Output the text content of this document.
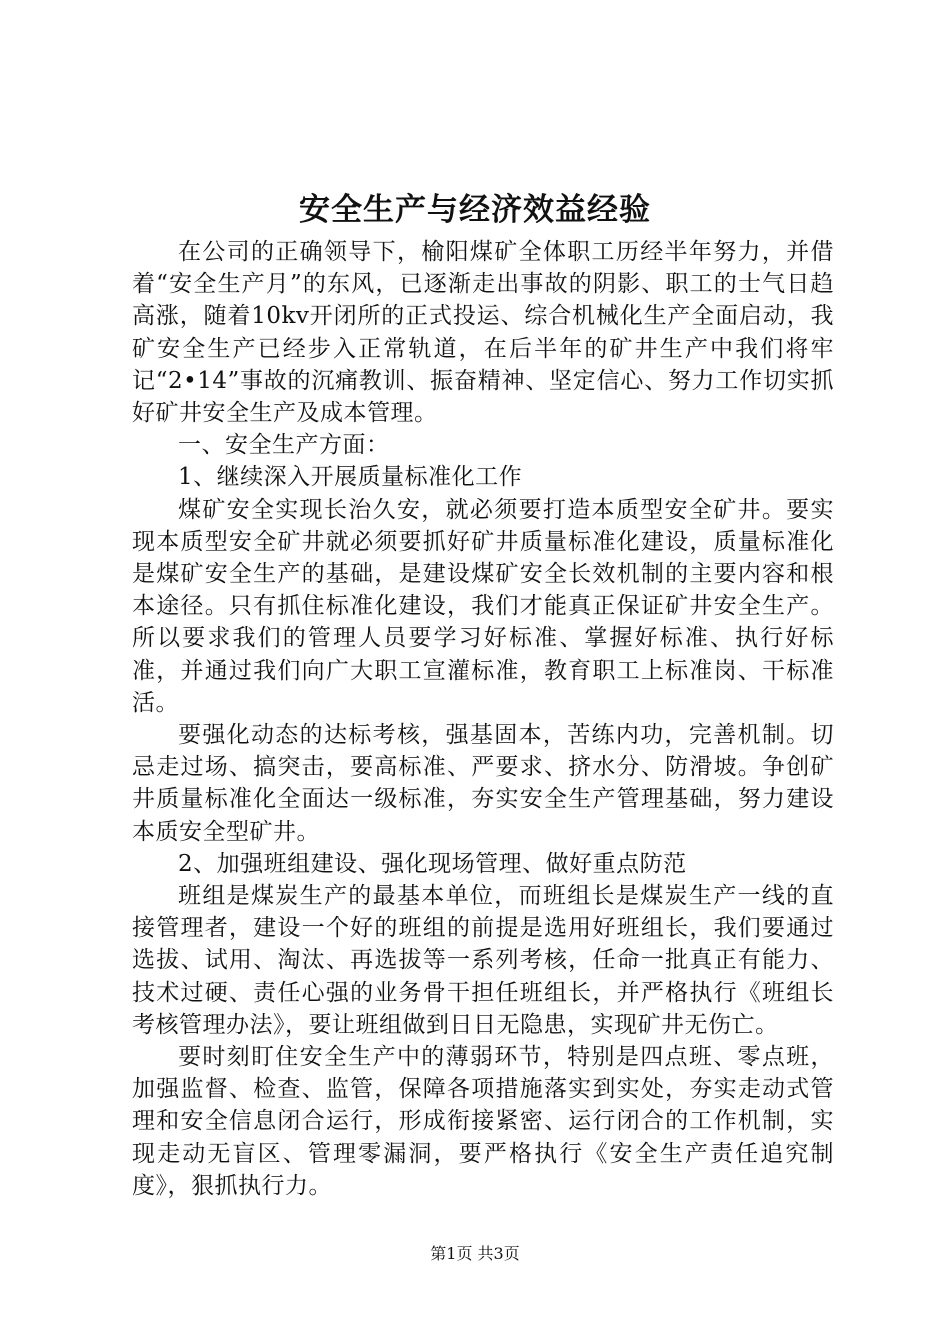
安全生产与经济效益经验

在公司的正确领导下，榆阳煤矿全体职工历经半年努力，并借着“安全生产月”的东风，已逐渐走出事故的阴影、职工的士气日趋高涨，随着10kv开闭所的正式投运、综合机械化生产全面启动，我矿安全生产已经步入正常轨道，在后半年的矿井生产中我们将牢记“2•14”事故的沉痛教训、振奋精神、坚定信心、努力工作切实抓好矿井安全生产及成本管理。

一、安全生产方面：

1、继续深入开展质量标准化工作

煤矿安全实现长治久安，就必须要打造本质型安全矿井。要实现本质型安全矿井就必须要抓好矿井质量标准化建设，质量标准化是煤矿安全生产的基础，是建设煤矿安全长效机制的主要内容和根本途径。只有抓住标准化建设，我们才能真正保证矿井安全生产。所以要求我们的管理人员要学习好标准、掌握好标准、执行好标准，并通过我们向广大职工宣灌标准，教育职工上标准岗、干标准活。

要强化动态的达标考核，强基固本，苦练内功，完善机制。切忌走过场、搞突击，要高标准、严要求、挤水分、防滑坡。争创矿井质量标准化全面达一级标准，夯实安全生产管理基础，努力建设本质安全型矿井。

2、加强班组建设、强化现场管理、做好重点防范

班组是煤炭生产的最基本单位，而班组长是煤炭生产一线的直接管理者，建设一个好的班组的前提是选用好班组长，我们要通过选拔、试用、淘汰、再选拔等一系列考核，任命一批真正有能力、技术过硬、责任心强的业务骨干担任班组长，并严格执行《班组长考核管理办法》，要让班组做到日日无隐患，实现矿井无伤亡。

要时刻盯住安全生产中的薄弱环节，特别是四点班、零点班，加强监督、检查、监管，保障各项措施落实到实处，夯实走动式管理和安全信息闭合运行，形成衔接紧密、运行闭合的工作机制，实现走动无盲区、管理零漏洞，要严格执行《安全生产责任追究制度》，狠抓执行力。

第1页 共3页
